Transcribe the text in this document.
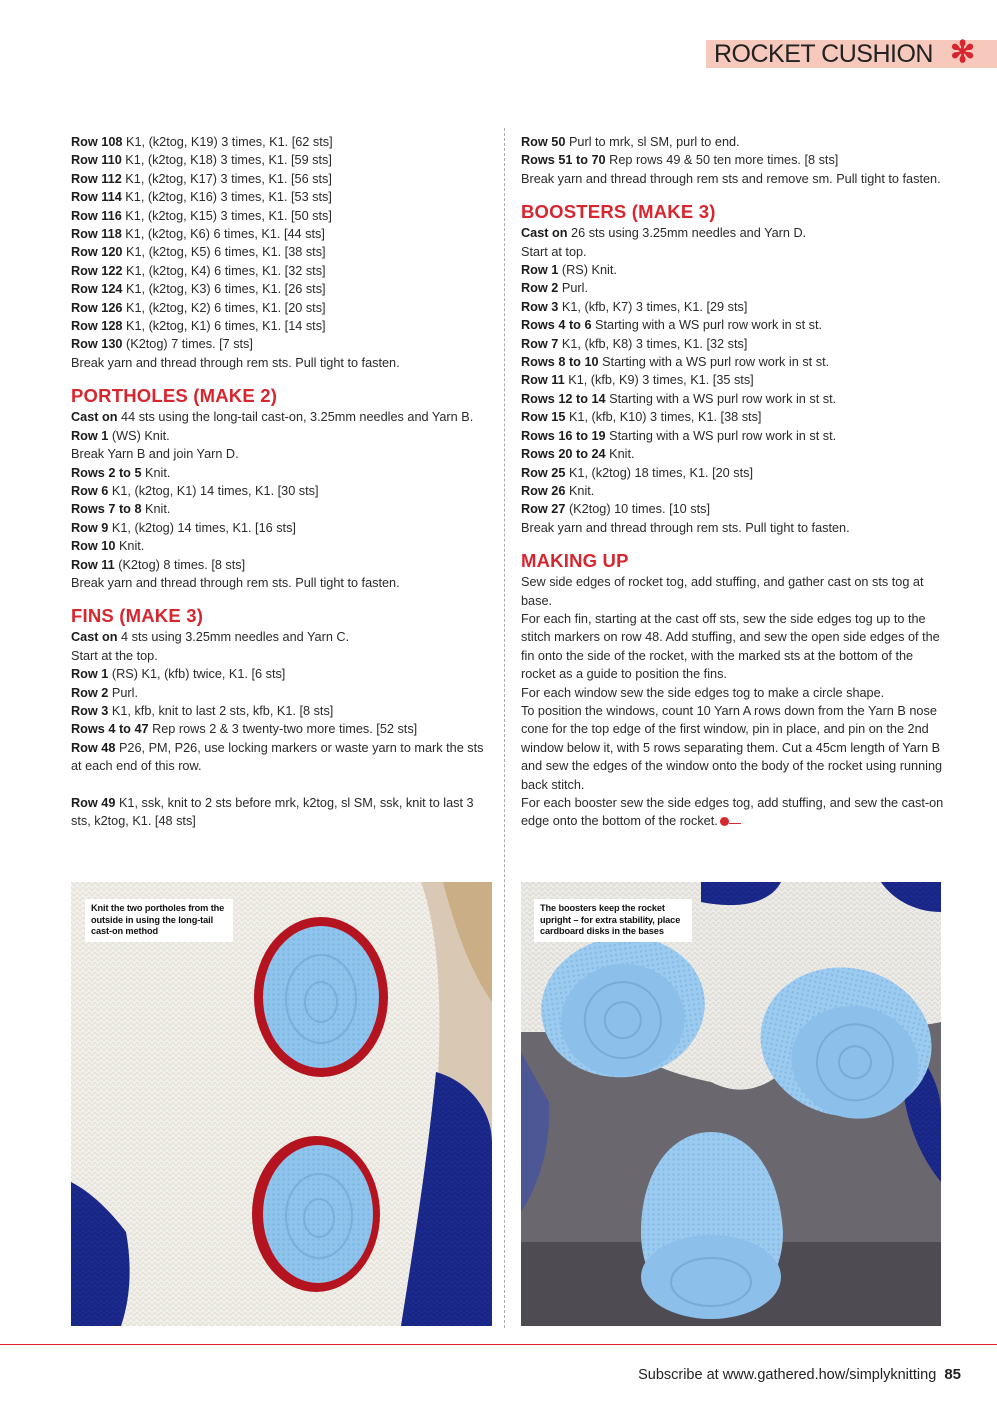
ROCKET CUSHION ✻

Row 108 K1, (k2tog, K19) 3 times, K1. [62 sts]

Row 110 K1, (k2tog, K18) 3 times, K1. [59 sts]

Row 112 K1, (k2tog, K17) 3 times, K1. [56 sts]

Row 114 K1, (k2tog, K16) 3 times, K1. [53 sts]

Row 116 K1, (k2tog, K15) 3 times, K1. [50 sts]

Row 118 K1, (k2tog, K6) 6 times, K1. [44 sts]

Row 120 K1, (k2tog, K5) 6 times, K1. [38 sts]

Row 122 K1, (k2tog, K4) 6 times, K1. [32 sts]

Row 124 K1, (k2tog, K3) 6 times, K1. [26 sts]

Row 126 K1, (k2tog, K2) 6 times, K1. [20 sts]

Row 128 K1, (k2tog, K1) 6 times, K1. [14 sts]

Row 130 (K2tog) 7 times. [7 sts]

Break yarn and thread through rem sts. Pull tight to fasten.

PORTHOLES (MAKE 2)

Cast on 44 sts using the long-tail cast-on, 3.25mm needles and Yarn B.

Row 1 (WS) Knit.

Break Yarn B and join Yarn D.

Rows 2 to 5 Knit.

Row 6 K1, (k2tog, K1) 14 times, K1. [30 sts]

Rows 7 to 8 Knit.

Row 9 K1, (k2tog) 14 times, K1. [16 sts]

Row 10 Knit.

Row 11 (K2tog) 8 times. [8 sts]

Break yarn and thread through rem sts. Pull tight to fasten.

FINS (MAKE 3)

Cast on 4 sts using 3.25mm needles and Yarn C.

Start at the top.

Row 1 (RS) K1, (kfb) twice, K1. [6 sts]

Row 2 Purl.

Row 3 K1, kfb, knit to last 2 sts, kfb, K1. [8 sts]

Rows 4 to 47 Rep rows 2 & 3 twenty-two more times. [52 sts]

Row 48 P26, PM, P26, use locking markers or waste yarn to mark the sts at each end of this row.

Row 49 K1, ssk, knit to 2 sts before mrk, k2tog, sl SM, ssk, knit to last 3 sts, k2tog, K1. [48 sts]

Row 50 Purl to mrk, sl SM, purl to end.

Rows 51 to 70 Rep rows 49 & 50 ten more times. [8 sts]

Break yarn and thread through rem sts and remove sm. Pull tight to fasten.

BOOSTERS (MAKE 3)

Cast on 26 sts using 3.25mm needles and Yarn D.

Start at top.

Row 1 (RS) Knit.

Row 2 Purl.

Row 3 K1, (kfb, K7) 3 times, K1. [29 sts]

Rows 4 to 6 Starting with a WS purl row work in st st.

Row 7 K1, (kfb, K8) 3 times, K1. [32 sts]

Rows 8 to 10 Starting with a WS purl row work in st st.

Row 11 K1, (kfb, K9) 3 times, K1. [35 sts]

Rows 12 to 14 Starting with a WS purl row work in st st.

Row 15 K1, (kfb, K10) 3 times, K1. [38 sts]

Rows 16 to 19 Starting with a WS purl row work in st st.

Rows 20 to 24 Knit.

Row 25 K1, (k2tog) 18 times, K1. [20 sts]

Row 26 Knit.

Row 27 (K2tog) 10 times. [10 sts]

Break yarn and thread through rem sts. Pull tight to fasten.

MAKING UP

Sew side edges of rocket tog, add stuffing, and gather cast on sts tog at base.

For each fin, starting at the cast off sts, sew the side edges tog up to the stitch markers on row 48. Add stuffing, and sew the open side edges of the fin onto the side of the rocket, with the marked sts at the bottom of the rocket as a guide to position the fins.

For each window sew the side edges tog to make a circle shape.

To position the windows, count 10 Yarn A rows down from the Yarn B nose cone for the top edge of the first window, pin in place, and pin on the 2nd window below it, with 5 rows separating them. Cut a 45cm length of Yarn B and sew the edges of the window onto the body of the rocket using running back stitch.

For each booster sew the side edges tog, add stuffing, and sew the cast-on edge onto the bottom of the rocket.

Knit the two portholes from the outside in using the long-tail cast-on method
The boosters keep the rocket upright – for extra stability, place cardboard disks in the bases
Subscribe at www.gathered.how/simplyknitting 85
